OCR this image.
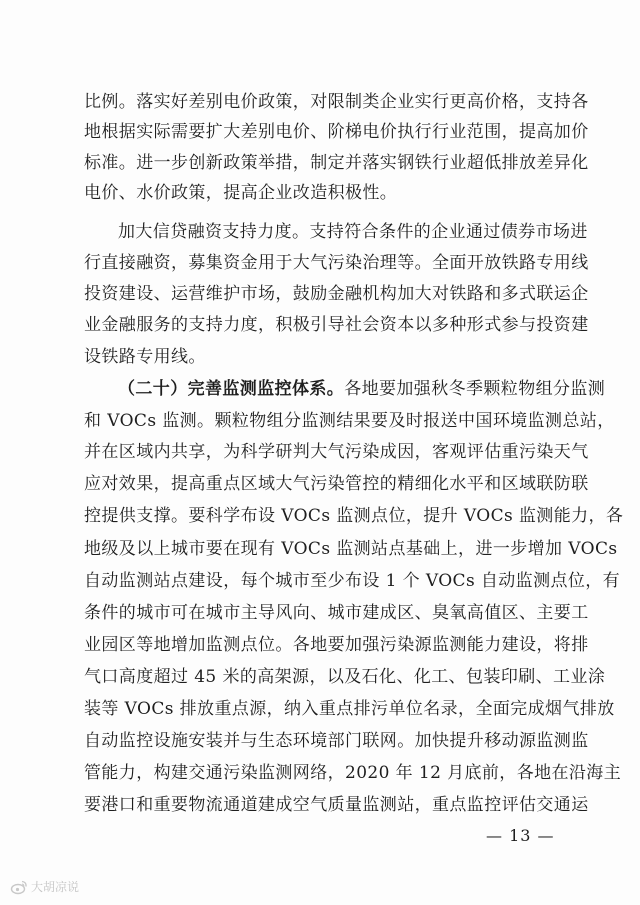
比例。落实好差别电价政策，对限制类企业实行更高价格，支持各
地根据实际需要扩大差别电价、阶梯电价执行行业范围，提高加价
标准。进一步创新政策举措，制定并落实钢铁行业超低排放差异化
电价、水价政策，提高企业改造积极性。
加大信贷融资支持力度。支持符合条件的企业通过债券市场进
行直接融资，募集资金用于大气污染治理等。全面开放铁路专用线
投资建设、运营维护市场，鼓励金融机构加大对铁路和多式联运企
业金融服务的支持力度，积极引导社会资本以多种形式参与投资建
设铁路专用线。
（二十）完善监测监控体系。各地要加强秋冬季颗粒物组分监测
和 VOCs 监测。颗粒物组分监测结果要及时报送中国环境监测总站，
并在区域内共享，为科学研判大气污染成因，客观评估重污染天气
应对效果，提高重点区域大气污染管控的精细化水平和区域联防联
控提供支撑。要科学布设 VOCs 监测点位，提升 VOCs 监测能力，各
地级及以上城市要在现有 VOCs 监测站点基础上，进一步增加 VOCs
自动监测站点建设，每个城市至少布设 1 个 VOCs 自动监测点位，有
条件的城市可在城市主导风向、城市建成区、臭氧高值区、主要工
业园区等地增加监测点位。各地要加强污染源监测能力建设，将排
气口高度超过 45 米的高架源，以及石化、化工、包装印刷、工业涂
装等 VOCs 排放重点源，纳入重点排污单位名录，全面完成烟气排放
自动监控设施安装并与生态环境部门联网。加快提升移动源监测监
管能力，构建交通污染监测网络，2020 年 12 月底前，各地在沿海主
要港口和重要物流通道建成空气质量监测站，重点监控评估交通运
— 13 —
大胡凉说
